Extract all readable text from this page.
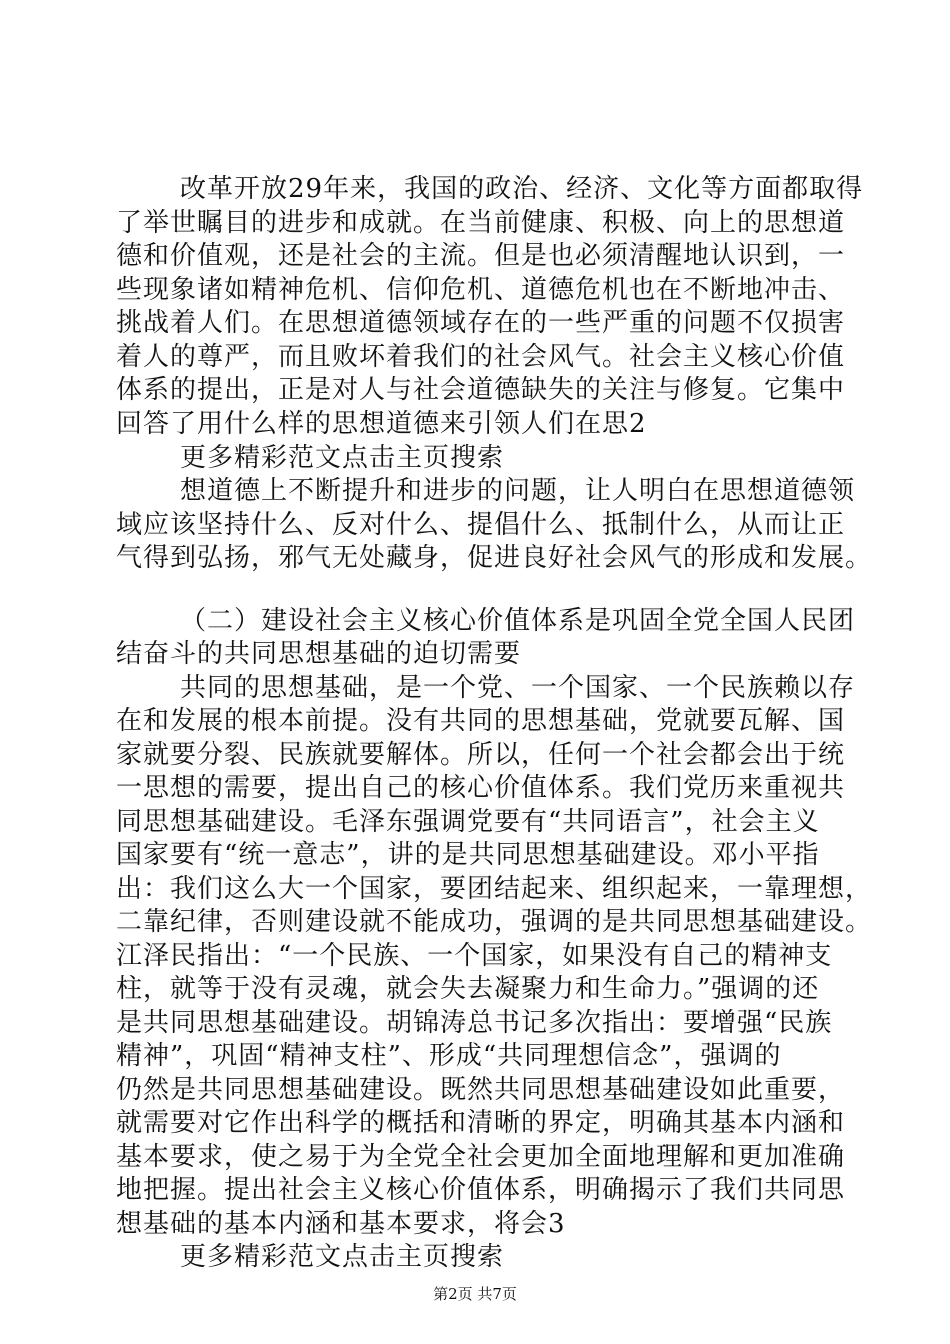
改革开放29年来，我国的政治、经济、文化等方面都取得
了举世瞩目的进步和成就。在当前健康、积极、向上的思想道
德和价值观，还是社会的主流。但是也必须清醒地认识到，一
些现象诸如精神危机、信仰危机、道德危机也在不断地冲击、
挑战着人们。在思想道德领域存在的一些严重的问题不仅损害
着人的尊严，而且败坏着我们的社会风气。社会主义核心价值
体系的提出，正是对人与社会道德缺失的关注与修复。它集中
回答了用什么样的思想道德来引领人们在思2
更多精彩范文点击主页搜索
想道德上不断提升和进步的问题，让人明白在思想道德领
域应该坚持什么、反对什么、提倡什么、抵制什么，从而让正
气得到弘扬，邪气无处藏身，促进良好社会风气的形成和发展。
（二）建设社会主义核心价值体系是巩固全党全国人民团
结奋斗的共同思想基础的迫切需要
共同的思想基础，是一个党、一个国家、一个民族赖以存
在和发展的根本前提。没有共同的思想基础，党就要瓦解、国
家就要分裂、民族就要解体。所以，任何一个社会都会出于统
一思想的需要，提出自己的核心价值体系。我们党历来重视共
同思想基础建设。毛泽东强调党要有“共同语言”，社会主义
国家要有“统一意志”，讲的是共同思想基础建设。邓小平指
出：我们这么大一个国家，要团结起来、组织起来，一靠理想，
二靠纪律，否则建设就不能成功，强调的是共同思想基础建设。
江泽民指出：“一个民族、一个国家，如果没有自己的精神支
柱，就等于没有灵魂，就会失去凝聚力和生命力。”强调的还
是共同思想基础建设。胡锦涛总书记多次指出：要增强“民族
精神”，巩固“精神支柱”、形成“共同理想信念”，强调的
仍然是共同思想基础建设。既然共同思想基础建设如此重要，
就需要对它作出科学的概括和清晰的界定，明确其基本内涵和
基本要求，使之易于为全党全社会更加全面地理解和更加准确
地把握。提出社会主义核心价值体系，明确揭示了我们共同思
想基础的基本内涵和基本要求，将会3
更多精彩范文点击主页搜索
第2页 共7页
